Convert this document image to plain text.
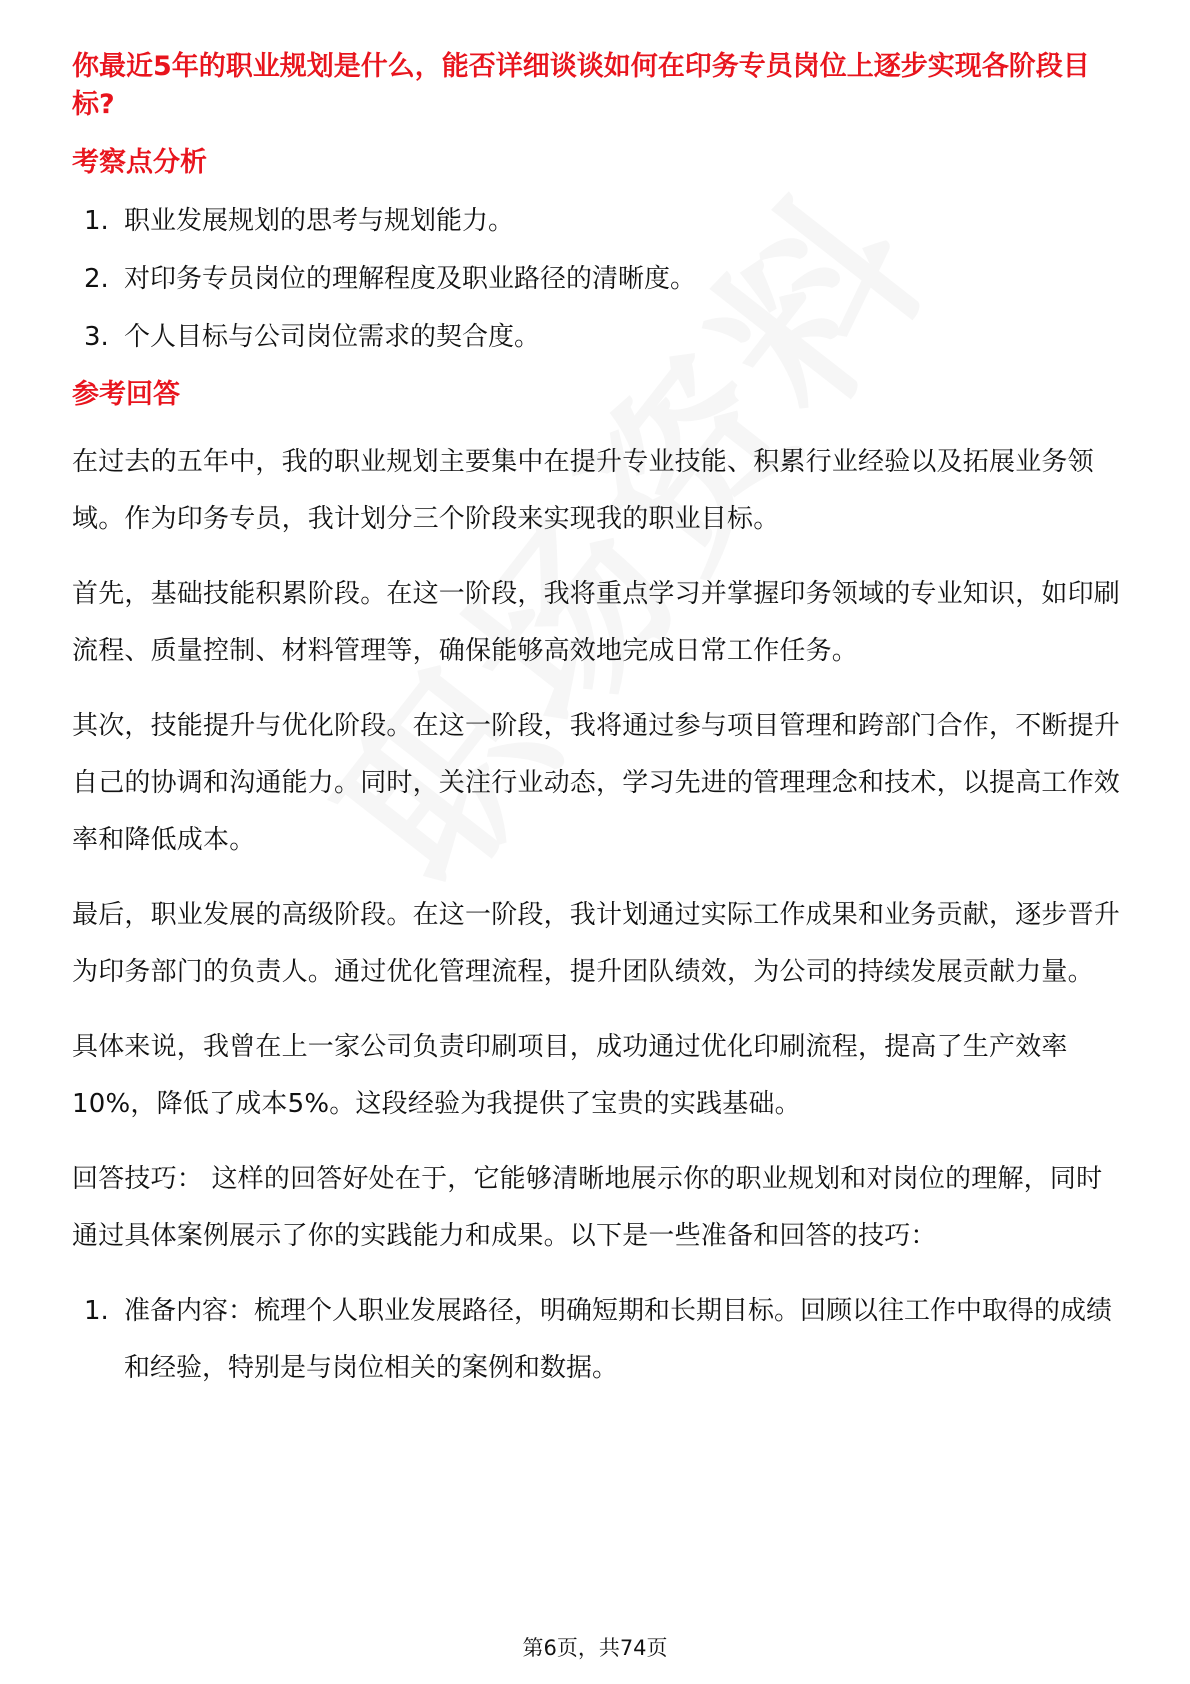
你最近5年的职业规划是什么，能否详细谈谈如何在印务专员岗位上逐步实现各阶段目标?

考察点分析

1. 职业发展规划的思考与规划能力。
2. 对印务专员岗位的理解程度及职业路径的清晰度。
3. 个人目标与公司岗位需求的契合度。

参考回答

在过去的五年中，我的职业规划主要集中在提升专业技能、积累行业经验以及拓展业务领域。作为印务专员，我计划分三个阶段来实现我的职业目标。

首先，基础技能积累阶段。在这一阶段，我将重点学习并掌握印务领域的专业知识，如印刷流程、质量控制、材料管理等，确保能够高效地完成日常工作任务。

其次，技能提升与优化阶段。在这一阶段，我将通过参与项目管理和跨部门合作，不断提升自己的协调和沟通能力。同时，关注行业动态，学习先进的管理理念和技术，以提高工作效率和降低成本。

最后，职业发展的高级阶段。在这一阶段，我计划通过实际工作成果和业务贡献，逐步晋升为印务部门的负责人。通过优化管理流程，提升团队绩效，为公司的持续发展贡献力量。

具体来说，我曾在上一家公司负责印刷项目，成功通过优化印刷流程，提高了生产效率10%，降低了成本5%。这段经验为我提供了宝贵的实践基础。

回答技巧： 这样的回答好处在于，它能够清晰地展示你的职业规划和对岗位的理解，同时通过具体案例展示了你的实践能力和成果。以下是一些准备和回答的技巧：

1. 准备内容：梳理个人职业发展路径，明确短期和长期目标。回顾以往工作中取得的成绩和经验，特别是与岗位相关的案例和数据。
第6页，共74页
